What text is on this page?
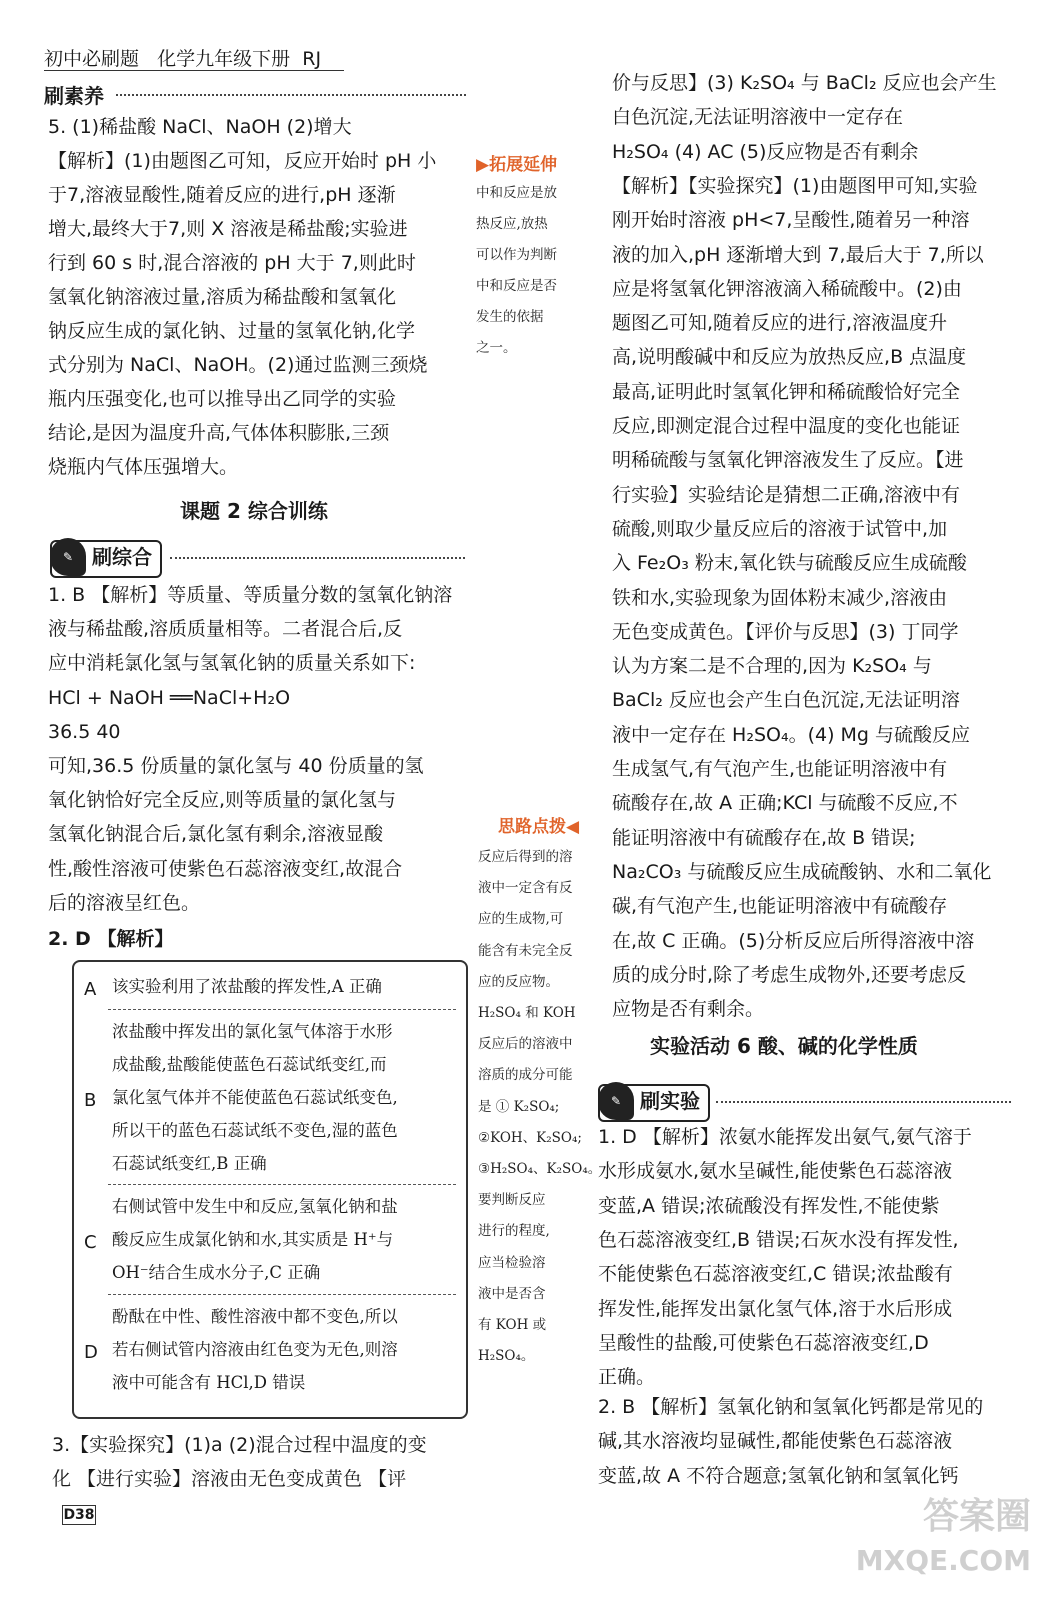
初中必刷题 化学九年级下册 RJ
刷素养
5. (1)稀盐酸 NaCl、NaOH (2)增大
【解析】(1)由题图乙可知，反应开始时 pH 小
于7,溶液显酸性,随着反应的进行,pH 逐渐
增大,最终大于7,则 X 溶液是稀盐酸;实验进
行到 60 s 时,混合溶液的 pH 大于 7,则此时
氢氧化钠溶液过量,溶质为稀盐酸和氢氧化
钠反应生成的氯化钠、过量的氢氧化钠,化学
式分别为 NaCl、NaOH。(2)通过监测三颈烧
瓶内压强变化,也可以推导出乙同学的实验
结论,是因为温度升高,气体体积膨胀,三颈
烧瓶内气体压强增大。
▶拓展延伸
中和反应是放
热反应,放热
可以作为判断
中和反应是否
发生的依据
之一。
课题 2 综合训练
✎ 刷综合
1. B 【解析】等质量、等质量分数的氢氧化钠溶
液与稀盐酸,溶质质量相等。二者混合后,反
应中消耗氯化氢与氢氧化钠的质量关系如下:
HCl + NaOH ══NaCl+H₂O
36.5 40
可知,36.5 份质量的氯化氢与 40 份质量的氢
氧化钠恰好完全反应,则等质量的氯化氢与
氢氧化钠混合后,氯化氢有剩余,溶液显酸
性,酸性溶液可使紫色石蕊溶液变红,故混合
后的溶液呈红色。
思路点拨◀
反应后得到的溶
液中一定含有反
应的生成物,可
能含有未完全反
应的反应物。
H₂SO₄ 和 KOH
反应后的溶液中
溶质的成分可能
是 ① K₂SO₄;
②KOH、K₂SO₄;
③H₂SO₄、K₂SO₄。
要判断反应
进行的程度,
应当检验溶
液中是否含
有 KOH 或
H₂SO₄。
2. D 【解析】
A 该实验利用了浓盐酸的挥发性,A 正确
B
浓盐酸中挥发出的氯化氢气体溶于水形
成盐酸,盐酸能使蓝色石蕊试纸变红,而
氯化氢气体并不能使蓝色石蕊试纸变色,
所以干的蓝色石蕊试纸不变色,湿的蓝色
石蕊试纸变红,B 正确
C
右侧试管中发生中和反应,氢氧化钠和盐
酸反应生成氯化钠和水,其实质是 H⁺与
OH⁻结合生成水分子,C 正确
D
酚酞在中性、酸性溶液中都不变色,所以
若右侧试管内溶液由红色变为无色,则溶
液中可能含有 HCl,D 错误
3.【实验探究】(1)a (2)混合过程中温度的变
化 【进行实验】溶液由无色变成黄色 【评
价与反思】(3) K₂SO₄ 与 BaCl₂ 反应也会产生
白色沉淀,无法证明溶液中一定存在
H₂SO₄ (4) AC (5)反应物是否有剩余
【解析】【实验探究】(1)由题图甲可知,实验
刚开始时溶液 pH<7,呈酸性,随着另一种溶
液的加入,pH 逐渐增大到 7,最后大于 7,所以
应是将氢氧化钾溶液滴入稀硫酸中。(2)由
题图乙可知,随着反应的进行,溶液温度升
高,说明酸碱中和反应为放热反应,B 点温度
最高,证明此时氢氧化钾和稀硫酸恰好完全
反应,即测定混合过程中温度的变化也能证
明稀硫酸与氢氧化钾溶液发生了反应。【进
行实验】实验结论是猜想二正确,溶液中有
硫酸,则取少量反应后的溶液于试管中,加
入 Fe₂O₃ 粉末,氧化铁与硫酸反应生成硫酸
铁和水,实验现象为固体粉末减少,溶液由
无色变成黄色。【评价与反思】(3) 丁同学
认为方案二是不合理的,因为 K₂SO₄ 与
BaCl₂ 反应也会产生白色沉淀,无法证明溶
液中一定存在 H₂SO₄。(4) Mg 与硫酸反应
生成氢气,有气泡产生,也能证明溶液中有
硫酸存在,故 A 正确;KCl 与硫酸不反应,不
能证明溶液中有硫酸存在,故 B 错误;
Na₂CO₃ 与硫酸反应生成硫酸钠、水和二氧化
碳,有气泡产生,也能证明溶液中有硫酸存
在,故 C 正确。(5)分析反应后所得溶液中溶
质的成分时,除了考虑生成物外,还要考虑反
应物是否有剩余。
实验活动 6 酸、碱的化学性质
✎ 刷实验
1. D 【解析】浓氨水能挥发出氨气,氨气溶于
水形成氨水,氨水呈碱性,能使紫色石蕊溶液
变蓝,A 错误;浓硫酸没有挥发性,不能使紫
色石蕊溶液变红,B 错误;石灰水没有挥发性,
不能使紫色石蕊溶液变红,C 错误;浓盐酸有
挥发性,能挥发出氯化氢气体,溶于水后形成
呈酸性的盐酸,可使紫色石蕊溶液变红,D
正确。
2. B 【解析】氢氧化钠和氢氧化钙都是常见的
碱,其水溶液均显碱性,都能使紫色石蕊溶液
变蓝,故 A 不符合题意;氢氧化钠和氢氧化钙
D38	答案圈
MXQE.COM
